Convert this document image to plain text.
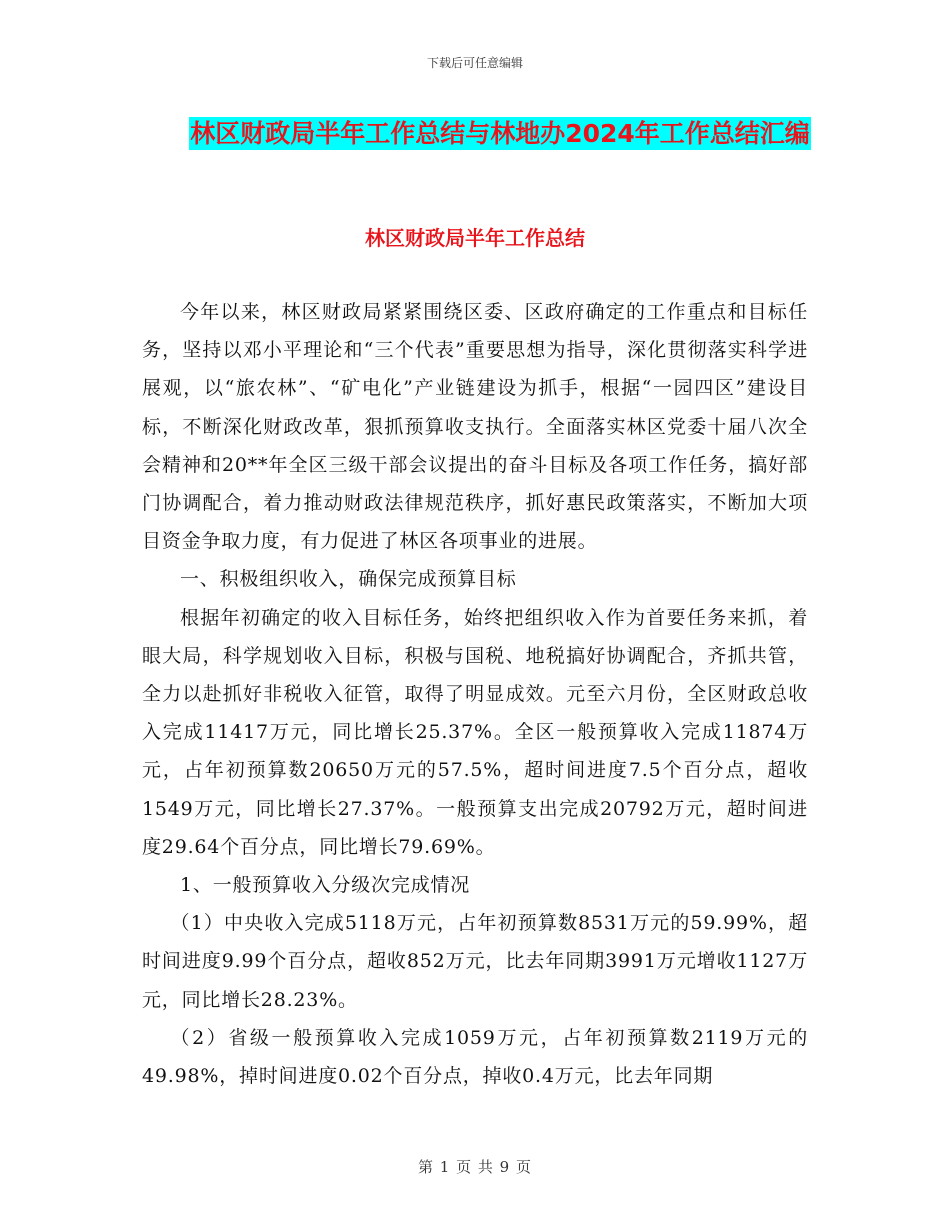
下载后可任意编辑
林区财政局半年工作总结与林地办2024年工作总结汇编
林区财政局半年工作总结

今年以来，林区财政局紧紧围绕区委、区政府确定的工作重点和目标任务，坚持以邓小平理论和“三个代表”重要思想为指导，深化贯彻落实科学进展观，以“旅农林”、“矿电化”产业链建设为抓手，根据“一园四区”建设目标，不断深化财政改革，狠抓预算收支执行。全面落实林区党委十届八次全会精神和20**年全区三级干部会议提出的奋斗目标及各项工作任务，搞好部门协调配合，着力推动财政法律规范秩序，抓好惠民政策落实，不断加大项目资金争取力度，有力促进了林区各项事业的进展。

一、积极组织收入，确保完成预算目标

根据年初确定的收入目标任务，始终把组织收入作为首要任务来抓，着眼大局，科学规划收入目标，积极与国税、地税搞好协调配合，齐抓共管，全力以赴抓好非税收入征管，取得了明显成效。元至六月份，全区财政总收入完成11417万元，同比增长25.37%。全区一般预算收入完成11874万元，占年初预算数20650万元的57.5%，超时间进度7.5个百分点，超收1549万元，同比增长27.37%。一般预算支出完成20792万元，超时间进度29.64个百分点，同比增长79.69%。

1、一般预算收入分级次完成情况

（1）中央收入完成5118万元，占年初预算数8531万元的59.99%，超时间进度9.99个百分点，超收852万元，比去年同期3991万元增收1127万元，同比增长28.23%。

（2）省级一般预算收入完成1059万元，占年初预算数2119万元的49.98%，掉时间进度0.02个百分点，掉收0.4万元，比去年同期

第 1 页 共 9 页
